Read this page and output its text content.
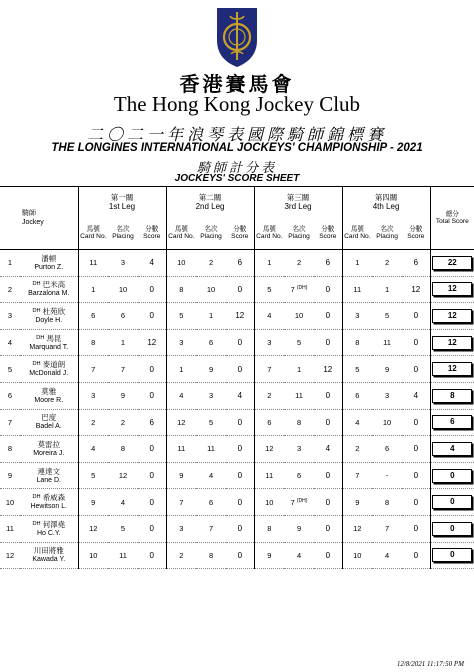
香港賽馬會
The Hong Kong Jockey Club
二〇二一年浪琴表國際騎師錦標賽
THE LONGINES INTERNATIONAL JOCKEYS' CHAMPIONSHIP - 2021
騎師計分表
JOCKEYS' SCORE SHEET
騎師
Jockey		第一關
1st Leg			第二關
2nd Leg			第三關
3rd Leg			第四關
4th Leg			總分
Total Score

		馬號
Card No.	名次
Placing	分數
Score	馬號
Card No.	名次
Placing	分數
Score	馬號
Card No.	名次
Placing	分數
Score	馬號
Card No.	名次
Placing	分數
Score	
1	潘頓
Purton Z.	11	3	4	10	2	6	1	2	6	1	2	6	22
2	$^{DH}$ 巴米高
Barzalona M.	1	10	0	8	10	0	5	7 $^{(DH)}$	0	11	1	12	12
3	$^{DH}$ 杜苑欣
Doyle H.	6	6	0	5	1	12	4	10	0	3	5	0	12
4	$^{DH}$ 馬昆
Marquand T.	8	1	12	3	6	0	3	5	0	8	11	0	12
5	$^{DH}$ 麥道朗
McDonald J.	7	7	0	1	9	0	7	1	12	5	9	0	12
6	莫雅
Moore R.	3	9	0	4	3	4	2	11	0	6	3	4	8
7	巴度
Badel A.	2	2	6	12	5	0	6	8	0	4	10	0	6
8	莫雷拉
Moreira J.	4	8	0	11	11	0	12	3	4	2	6	0	4
9	連達文
Lane D.	5	12	0	9	4	0	11	6	0	7	-	0	0
10	$^{DH}$ 希威森
Hewitson L.	9	4	0	7	6	0	10	7 $^{(DH)}$	0	9	8	0	0
11	$^{DH}$ 何澤堯
Ho C.Y.	12	5	0	3	7	0	8	9	0	12	7	0	0
12	川田將雅
Kawada Y.	10	11	0	2	8	0	9	4	0	10	4	0	0
12/8/2021 11:17:50 PM
